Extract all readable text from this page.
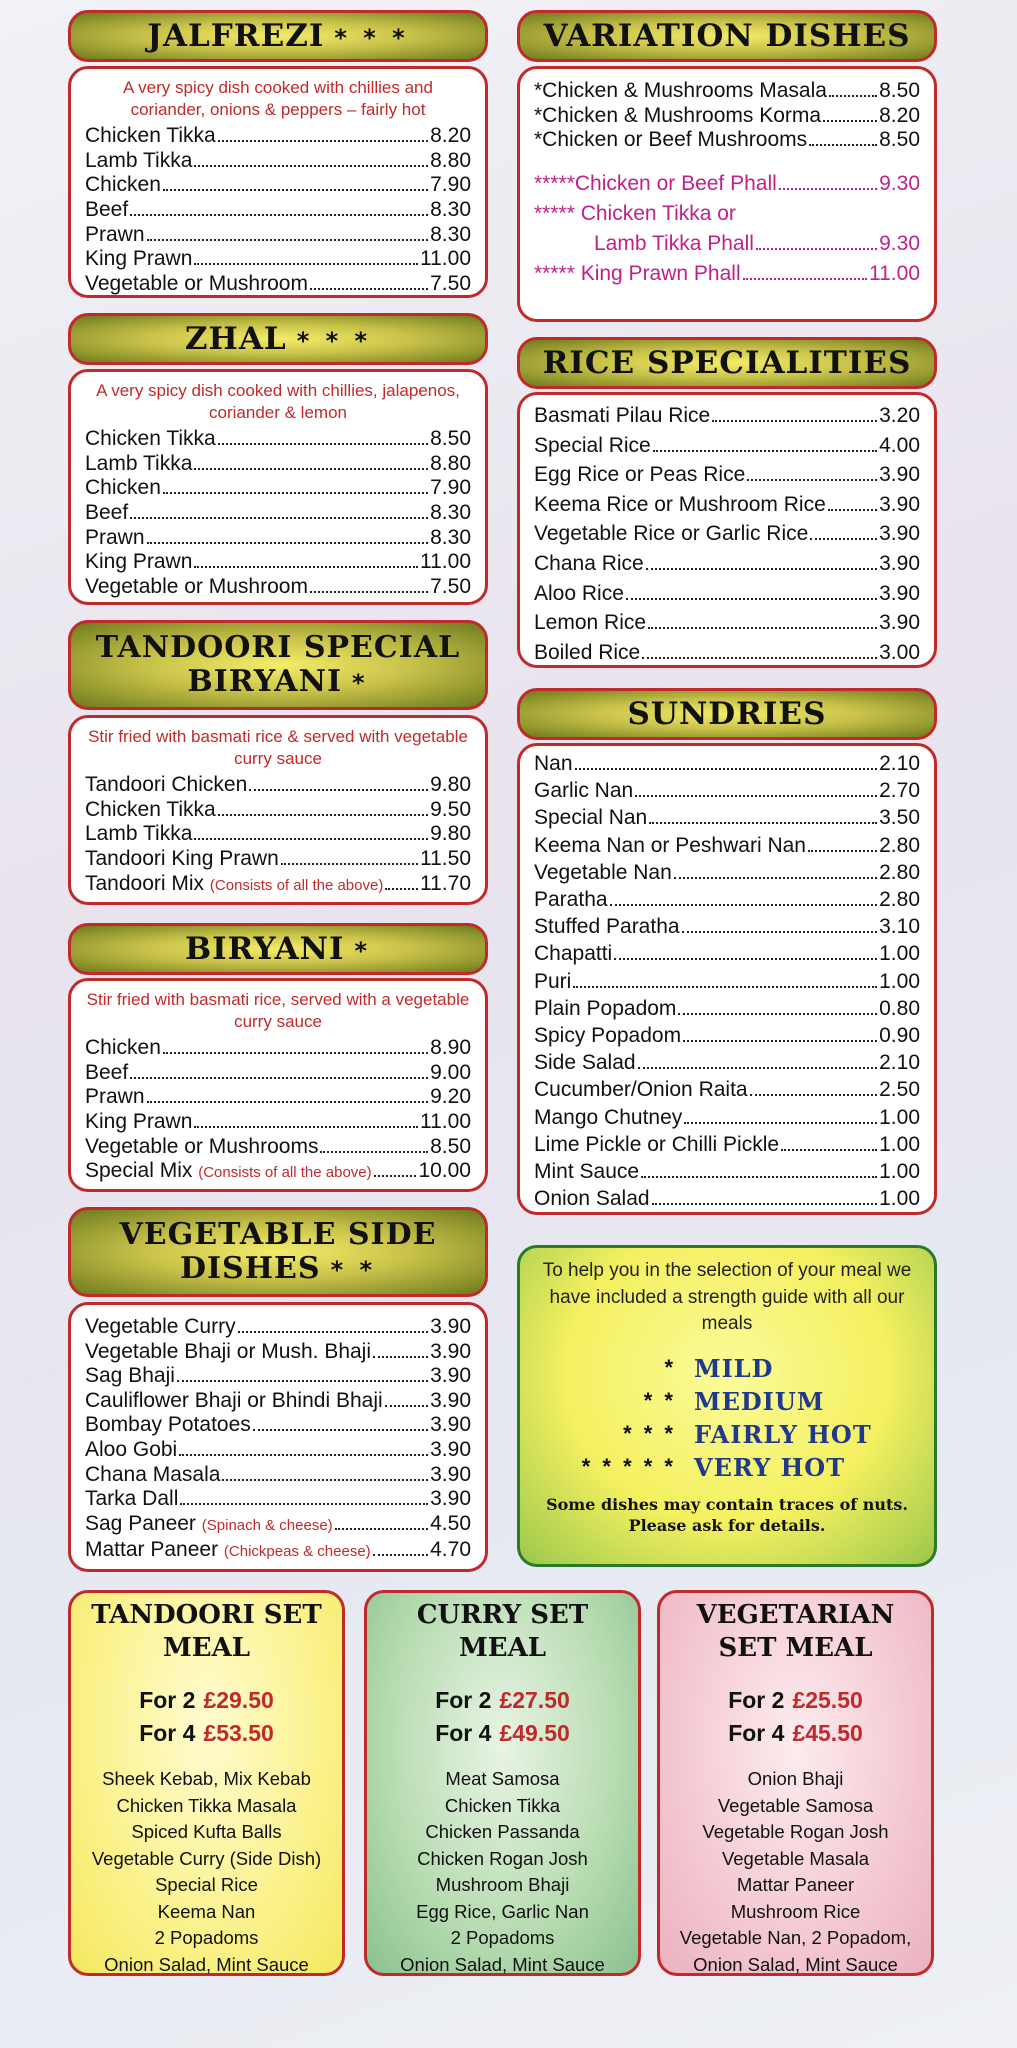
JALFREZI * * *
A very spicy dish cooked with chillies and coriander, onions & peppers – fairly hot
Chicken Tikka	8.20
Lamb Tikka	8.80
Chicken	7.90
Beef	8.30
Prawn	8.30
King Prawn	11.00
Vegetable or Mushroom	7.50
ZHAL * * *
A very spicy dish cooked with chillies, jalapenos, coriander & lemon
Chicken Tikka	8.50
Lamb Tikka	8.80
Chicken	7.90
Beef	8.30
Prawn	8.30
King Prawn	11.00
Vegetable or Mushroom	7.50
TANDOORI SPECIAL
BIRYANI *
Stir fried with basmati rice & served with vegetable curry sauce
Tandoori Chicken	9.80
Chicken Tikka	9.50
Lamb Tikka	9.80
Tandoori King Prawn	11.50
Tandoori Mix (Consists of all the above) 11.70
BIRYANI *
Stir fried with basmati rice, served with a vegetable curry sauce
Chicken	8.90
Beef	9.00
Prawn	9.20
King Prawn	11.00
Vegetable or Mushrooms	8.50
Special Mix (Consists of all the above) 10.00
VEGETABLE SIDE
DISHES * *
Vegetable Curry	3.90
Vegetable Bhaji or Mush. Bhaji	3.90
Sag Bhaji	3.90
Cauliflower Bhaji or Bhindi Bhaji 3.90
Bombay Potatoes	3.90
Aloo Gobi	3.90
Chana Masala	3.90
Tarka Dall	3.90
Sag Paneer (Spinach & cheese)	4.50
Mattar Paneer (Chickpeas & cheese)	4.70
VARIATION DISHES
*Chicken & Mushrooms Masala 8.50
*Chicken & Mushrooms Korma	8.20
*Chicken or Beef Mushrooms	8.50
*****Chicken or Beef Phall	9.30
***** Chicken Tikka or
Lamb Tikka Phall	9.30
***** King Prawn Phall	11.00
RICE SPECIALITIES
Basmati Pilau Rice	3.20
Special Rice	4.00
Egg Rice or Peas Rice	3.90
Keema Rice or Mushroom Rice	3.90
Vegetable Rice or Garlic Rice	3.90
Chana Rice	3.90
Aloo Rice	3.90
Lemon Rice	3.90
Boiled Rice	3.00
SUNDRIES
Nan	2.10
Garlic Nan	2.70
Special Nan	3.50
Keema Nan or Peshwari Nan	2.80
Vegetable Nan	2.80
Paratha	2.80
Stuffed Paratha	3.10
Chapatti	1.00
Puri	1.00
Plain Popadom	0.80
Spicy Popadom	0.90
Side Salad	2.10
Cucumber/Onion Raita	2.50
Mango Chutney	1.00
Lime Pickle or Chilli Pickle	1.00
Mint Sauce	1.00
Onion Salad	1.00
To help you in the selection of your meal we have included a strength guide with all our meals
* MILD
* * MEDIUM
* * * FAIRLY HOT
* * * * * VERY HOT
Some dishes may contain traces of nuts. Please ask for details.
TANDOORI SET
MEAL
For 2 £29.50
For 4 £53.50
Sheek Kebab, Mix Kebab
Chicken Tikka Masala
Spiced Kufta Balls
Vegetable Curry (Side Dish)
Special Rice
Keema Nan
2 Popadoms
Onion Salad, Mint Sauce
CURRY SET
MEAL
For 2 £27.50
For 4 £49.50
Meat Samosa
Chicken Tikka
Chicken Passanda
Chicken Rogan Josh
Mushroom Bhaji
Egg Rice, Garlic Nan
2 Popadoms
Onion Salad, Mint Sauce
VEGETARIAN
SET MEAL
For 2 £25.50
For 4 £45.50
Onion Bhaji
Vegetable Samosa
Vegetable Rogan Josh
Vegetable Masala
Mattar Paneer
Mushroom Rice
Vegetable Nan, 2 Popadom,
Onion Salad, Mint Sauce
